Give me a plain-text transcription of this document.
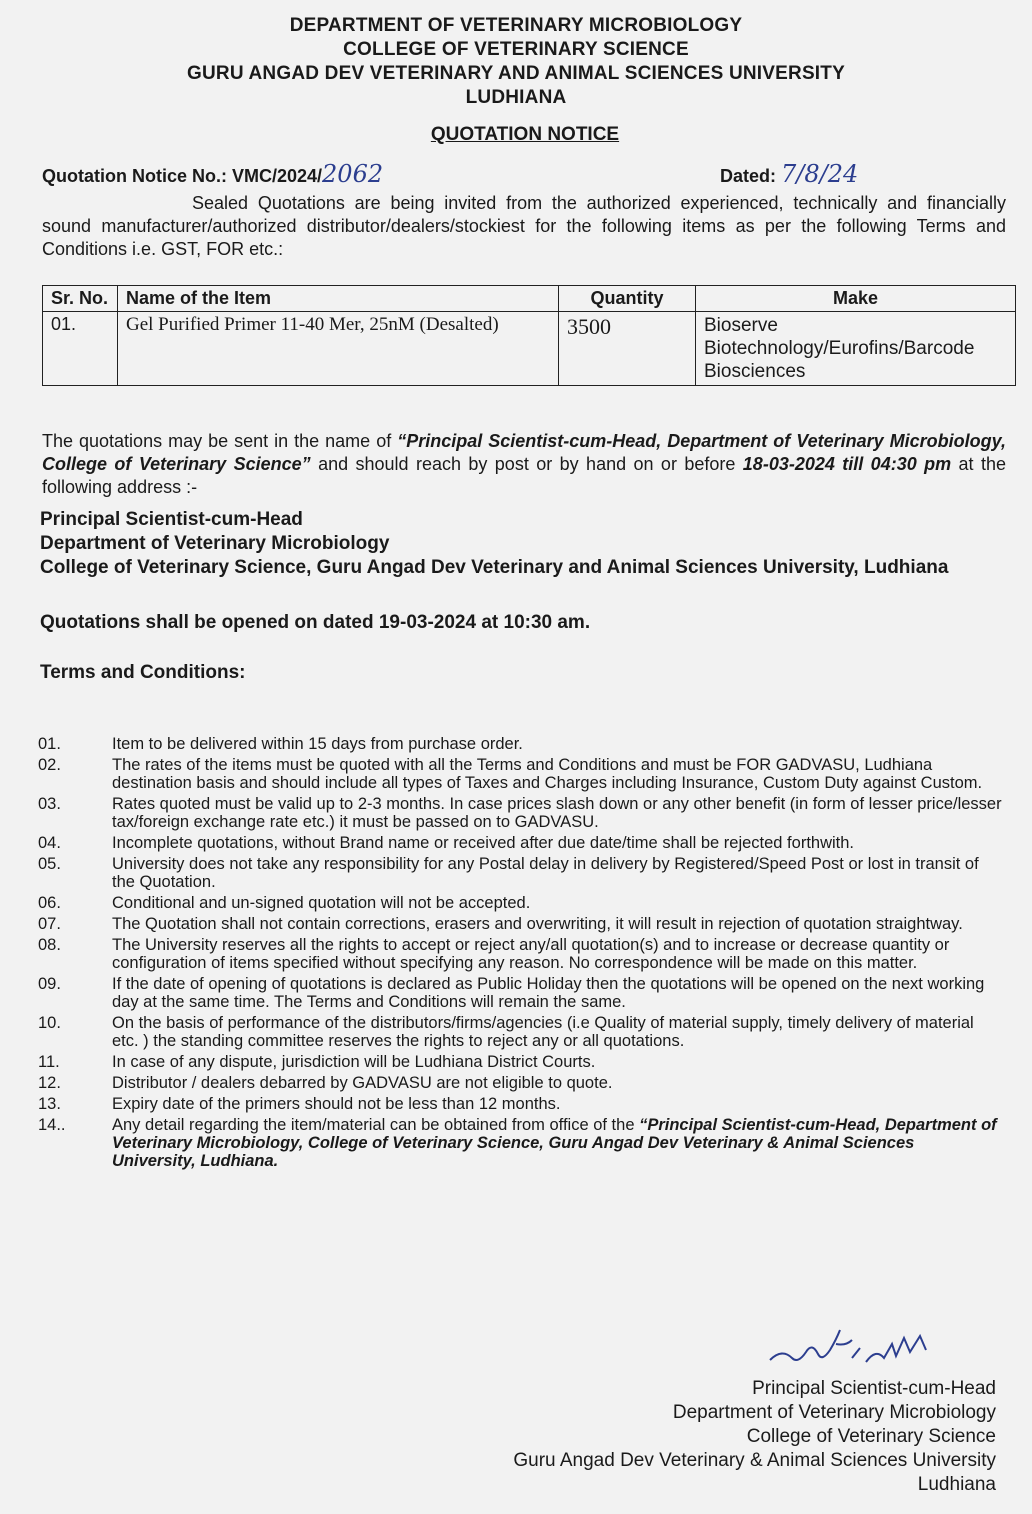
DEPARTMENT OF VETERINARY MICROBIOLOGY
COLLEGE OF VETERINARY SCIENCE
GURU ANGAD DEV VETERINARY AND ANIMAL SCIENCES UNIVERSITY
LUDHIANA
QUOTATION NOTICE
Quotation Notice No.: VMC/2024/2062	Dated: 7/8/24
Sealed Quotations are being invited from the authorized experienced, technically and financially sound manufacturer/authorized distributor/dealers/stockiest for the following items as per the following Terms and Conditions i.e. GST, FOR etc.:
Sr. No.	Name of the Item	Quantity	Make
01.	Gel Purified Primer 11-40 Mer, 25nM (Desalted)	3500	Bioserve Biotechnology/Eurofins/Barcode Biosciences
The quotations may be sent in the name of “Principal Scientist-cum-Head, Department of Veterinary Microbiology, College of Veterinary Science” and should reach by post or by hand on or before 18-03-2024 till 04:30 pm at the following address :-
Principal Scientist-cum-Head
Department of Veterinary Microbiology
College of Veterinary Science, Guru Angad Dev Veterinary and Animal Sciences University, Ludhiana
Quotations shall be opened on dated 19-03-2024 at 10:30 am.
Terms and Conditions:
01.	Item to be delivered within 15 days from purchase order.
02.	The rates of the items must be quoted with all the Terms and Conditions and must be FOR GADVASU, Ludhiana destination basis and should include all types of Taxes and Charges including Insurance, Custom Duty against Custom.
03.	Rates quoted must be valid up to 2-3 months. In case prices slash down or any other benefit (in form of lesser price/lesser tax/foreign exchange rate etc.) it must be passed on to GADVASU.
04.	Incomplete quotations, without Brand name or received after due date/time shall be rejected forthwith.
05.	University does not take any responsibility for any Postal delay in delivery by Registered/Speed Post or lost in transit of the Quotation.
06.	Conditional and un-signed quotation will not be accepted.
07.	The Quotation shall not contain corrections, erasers and overwriting, it will result in rejection of quotation straightway.
08.	The University reserves all the rights to accept or reject any/all quotation(s) and to increase or decrease quantity or configuration of items specified without specifying any reason. No correspondence will be made on this matter.
09.	If the date of opening of quotations is declared as Public Holiday then the quotations will be opened on the next working day at the same time. The Terms and Conditions will remain the same.
10.	On the basis of performance of the distributors/firms/agencies (i.e Quality of material supply, timely delivery of material etc. ) the standing committee reserves the rights to reject any or all quotations.
11.	In case of any dispute, jurisdiction will be Ludhiana District Courts.
12.	Distributor / dealers debarred by GADVASU are not eligible to quote.
13.	Expiry date of the primers should not be less than 12 months.
14..	Any detail regarding the item/material can be obtained from office of the “Principal Scientist-cum-Head, Department of Veterinary Microbiology, College of Veterinary Science, Guru Angad Dev Veterinary & Animal Sciences University, Ludhiana.
Principal Scientist-cum-Head
Department of Veterinary Microbiology
College of Veterinary Science
Guru Angad Dev Veterinary & Animal Sciences University
Ludhiana
